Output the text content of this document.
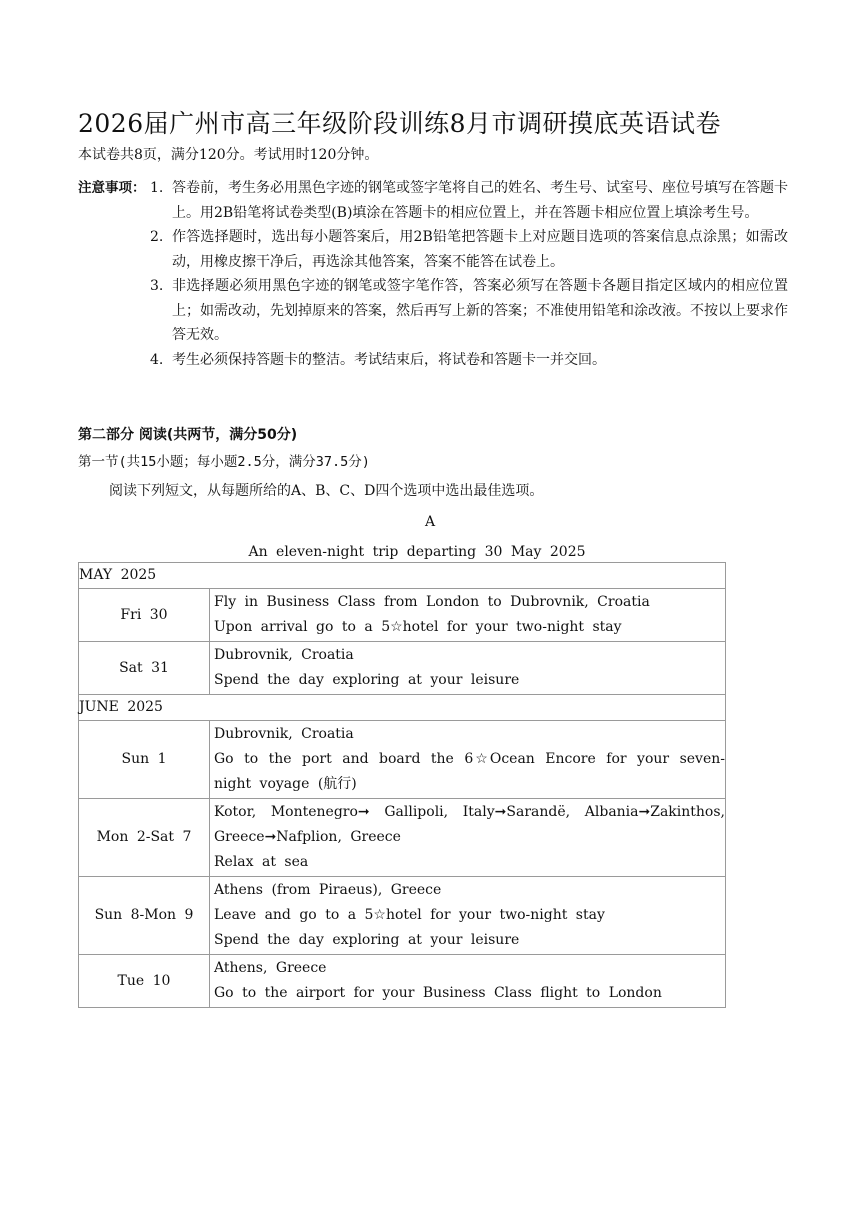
2026届广州市高三年级阶段训练8月市调研摸底英语试卷
本试卷共8页，满分120分。考试用时120分钟。
注意事项： 1. 答卷前，考生务必用黑色字迹的钢笔或签字笔将自己的姓名、考生号、试室号、座位号填写在答题卡上。用2B铅笔将试卷类型(B)填涂在答题卡的相应位置上，并在答题卡相应位置上填涂考生号。
2. 作答选择题时，选出每小题答案后，用2B铅笔把答题卡上对应题目选项的答案信息点涂黑；如需改动，用橡皮擦干净后，再选涂其他答案，答案不能答在试卷上。
3. 非选择题必须用黑色字迹的钢笔或签字笔作答，答案必须写在答题卡各题目指定区域内的相应位置上；如需改动，先划掉原来的答案，然后再写上新的答案；不准使用铅笔和涂改液。不按以上要求作答无效。
4. 考生必须保持答题卡的整洁。考试结束后，将试卷和答题卡一并交回。
第二部分 阅读(共两节，满分50分)
第一节(共15小题；每小题2.5分，满分37.5分)
阅读下列短文，从每题所给的A、B、C、D四个选项中选出最佳选项。
A
An eleven-night trip departing 30 May 2025
MAY 2025	
Fri 30	Fly in Business Class from London to Dubrovnik, Croatia
Upon arrival go to a 5☆hotel for your two-night stay

Sat 31	Dubrovnik, Croatia
Spend the day exploring at your leisure

JUNE 2025	
Sun 1	Dubrovnik, Croatia
Go to the port and board the 6☆Ocean Encore for your seven-night voyage (航行)

Mon 2-Sat 7	Kotor, Montenegro➞ Gallipoli, Italy➞Sarandë, Albania➞Zakinthos, Greece➞Nafplion, Greece
Relax at sea

Sun 8-Mon 9	Athens (from Piraeus), Greece
Leave and go to a 5☆hotel for your two-night stay
Spend the day exploring at your leisure

Tue 10	Athens, Greece
Go to the airport for your Business Class flight to London
